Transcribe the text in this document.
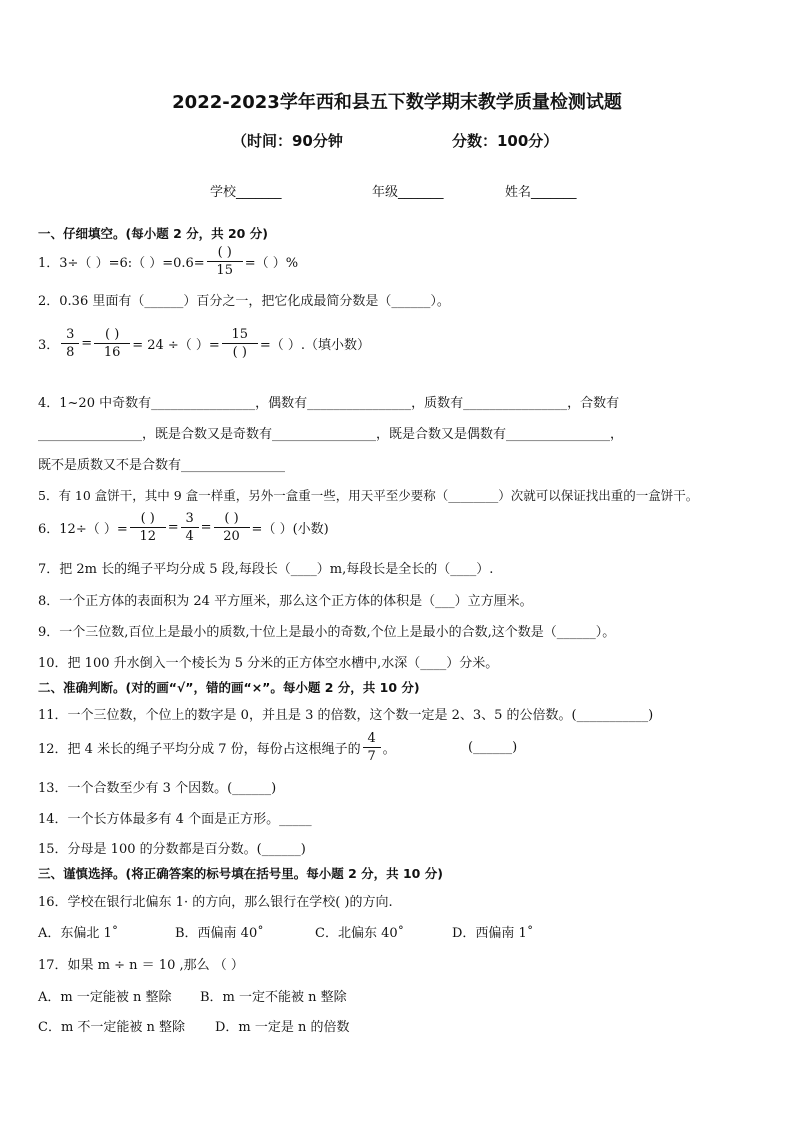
2022-2023学年西和县五下数学期末教学质量检测试题
（时间：90分钟	分数：100分）
学校_______	年级_______	姓名_______
一、仔细填空。(每小题 2 分，共 20 分)
1．3÷（ ）=6:（ ）$=0.6= \frac{( )}{15}$ =（ ）%
2．0.36 里面有（______）百分之一，把它化成最简分数是（______）。
3． $\frac{3}{8} = \frac{( )}{16} = 24$ ÷（ ）= $\frac{15}{( )}$ =（ ）.（填小数）
4．1~20 中奇数有________________，偶数有________________，质数有________________，合数有
________________，既是合数又是奇数有________________，既是合数又是偶数有________________，
既不是质数又不是合数有________________
5．有 10 盒饼干，其中 9 盒一样重，另外一盒重一些，用天平至少要称（________）次就可以保证找出重的一盒饼干。
6．12÷（ ）= $\frac{( )}{12} = \frac{3}{4} = \frac{( )}{20}$ =（ ）(小数)
7．把 2m 长的绳子平均分成 5 段,每段长（____）m,每段长是全长的（____）.
8．一个正方体的表面积为 24 平方厘米，那么这个正方体的体积是（___）立方厘米。
9．一个三位数,百位上是最小的质数,十位上是最小的奇数,个位上是最小的合数,这个数是（______）。
10．把 100 升水倒入一个棱长为 5 分米的正方体空水槽中,水深（____）分米。
二、准确判断。(对的画“√”，错的画“×”。每小题 2 分，共 10 分)
11．一个三位数，个位上的数字是 0，并且是 3 的倍数，这个数一定是 2、3、5 的公倍数。(___________)
12．把 4 米长的绳子平均分成 7 份，每份占这根绳子的 $\frac{4}{7}$ 。	(______)
13．一个合数至少有 3 个因数。(______)
14．一个长方体最多有 4 个面是正方形。_____
15．分母是 100 的分数都是百分数。(______)
三、谨慎选择。(将正确答案的标号填在括号里。每小题 2 分，共 10 分)
16．学校在银行北偏东 1· 的方向，那么银行在学校( )的方向.
A．东偏北 1˚	B．西偏南 40˚	C．北偏东 40˚	D．西偏南 1˚
17．如果 m ÷ n ＝ 10 ,那么 （ ）
A．m 一定能被 n 整除 B．m 一定不能被 n 整除
C．m 不一定能被 n 整除 D．m 一定是 n 的倍数
